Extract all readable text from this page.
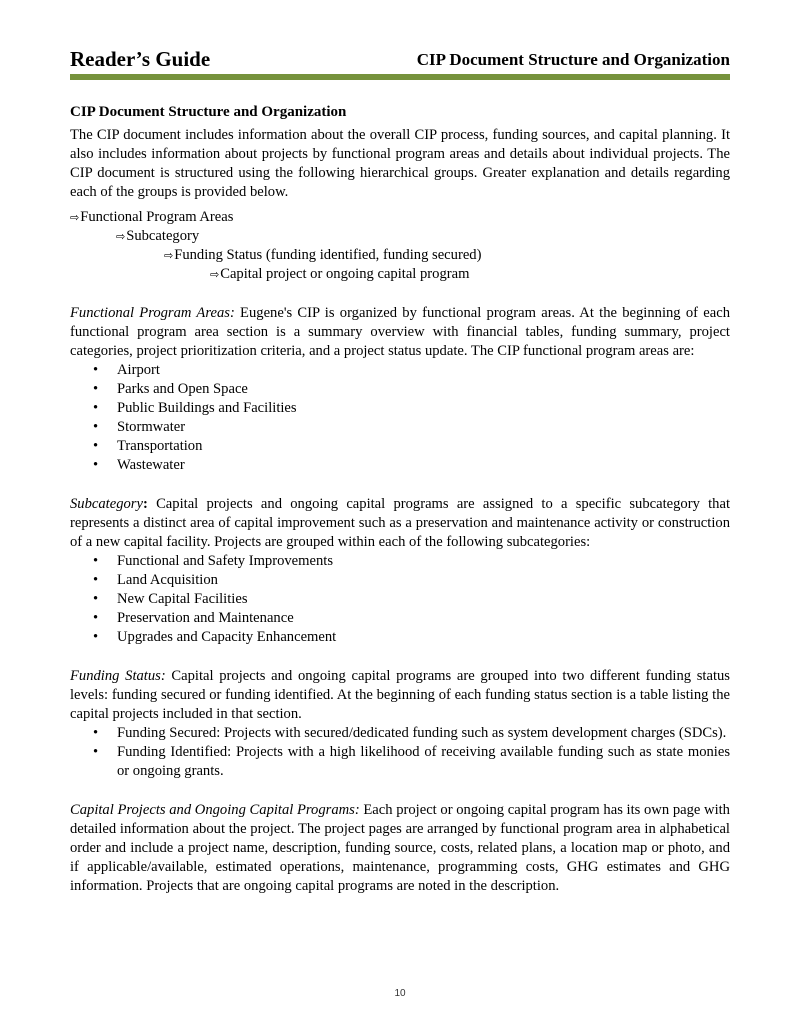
Reader’s Guide	CIP Document Structure and Organization
CIP Document Structure and Organization

The CIP document includes information about the overall CIP process, funding sources, and capital planning. It also includes information about projects by functional program areas and details about individual projects. The CIP document is structured using the following hierarchical groups. Greater explanation and details regarding each of the groups is provided below.

⇨Functional Program Areas
⇨Subcategory
⇨Funding Status (funding identified, funding secured)
⇨Capital project or ongoing capital program

Functional Program Areas: Eugene's CIP is organized by functional program areas. At the beginning of each functional program area section is a summary overview with financial tables, funding summary, project categories, project prioritization criteria, and a project status update. The CIP functional program areas are:

• Airport
• Parks and Open Space
• Public Buildings and Facilities
• Stormwater
• Transportation
• Wastewater

Subcategory: Capital projects and ongoing capital programs are assigned to a specific subcategory that represents a distinct area of capital improvement such as a preservation and maintenance activity or construction of a new capital facility. Projects are grouped within each of the following subcategories:

• Functional and Safety Improvements
• Land Acquisition
• New Capital Facilities
• Preservation and Maintenance
• Upgrades and Capacity Enhancement

Funding Status: Capital projects and ongoing capital programs are grouped into two different funding status levels: funding secured or funding identified. At the beginning of each funding status section is a table listing the capital projects included in that section.

• Funding Secured: Projects with secured/dedicated funding such as system development charges (SDCs).
• Funding Identified: Projects with a high likelihood of receiving available funding such as state monies or ongoing grants.

Capital Projects and Ongoing Capital Programs: Each project or ongoing capital program has its own page with detailed information about the project. The project pages are arranged by functional program area in alphabetical order and include a project name, description, funding source, costs, related plans, a location map or photo, and if applicable/available, estimated operations, maintenance, programming costs, GHG estimates and GHG information. Projects that are ongoing capital programs are noted in the description.

10
